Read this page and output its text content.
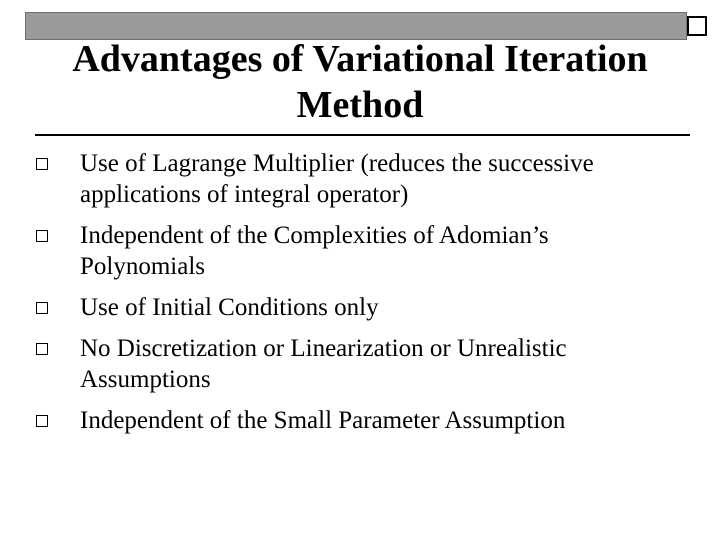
Advantages of Variational Iteration Method
Use of Lagrange Multiplier (reduces the successive applications of integral operator)
Independent of the Complexities of Adomian’s Polynomials
Use of Initial Conditions only
No Discretization or Linearization or Unrealistic Assumptions
Independent of the Small Parameter Assumption
